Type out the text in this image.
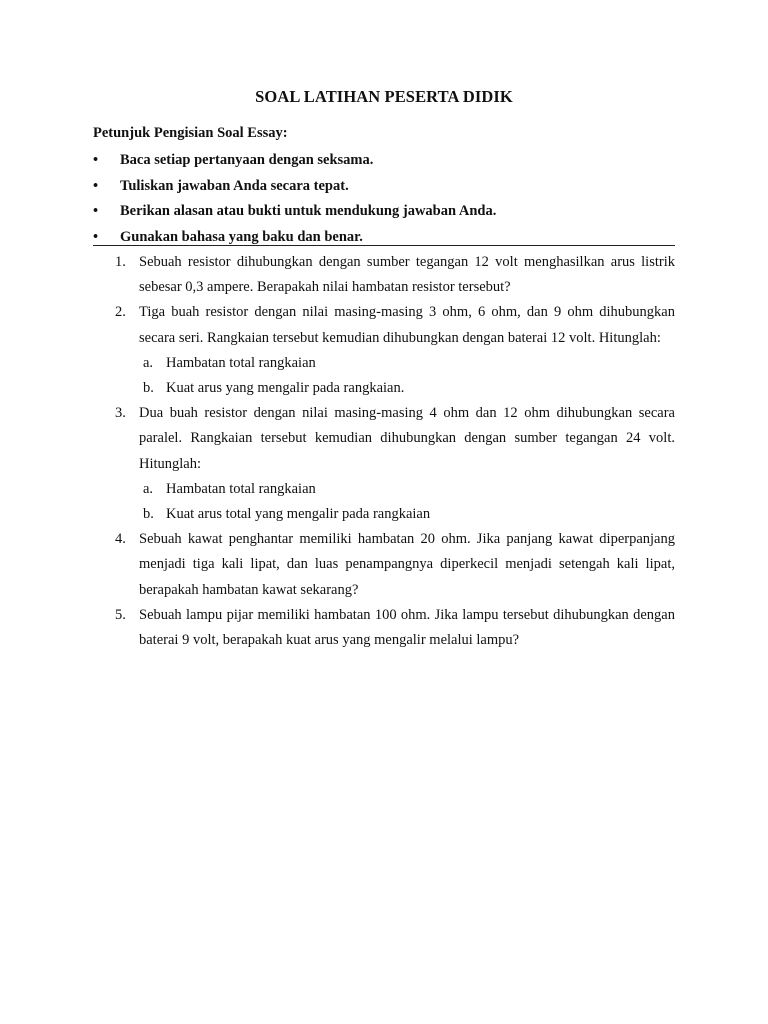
SOAL LATIHAN PESERTA DIDIK
Petunjuk Pengisian Soal Essay:
• Baca setiap pertanyaan dengan seksama.
• Tuliskan jawaban Anda secara tepat.
• Berikan alasan atau bukti untuk mendukung jawaban Anda.
• Gunakan bahasa yang baku dan benar.
1. Sebuah resistor dihubungkan dengan sumber tegangan 12 volt menghasilkan arus listrik sebesar 0,3 ampere. Berapakah nilai hambatan resistor tersebut?
2. Tiga buah resistor dengan nilai masing-masing 3 ohm, 6 ohm, dan 9 ohm dihubungkan secara seri. Rangkaian tersebut kemudian dihubungkan dengan baterai 12 volt. Hitunglah:
a. Hambatan total rangkaian
b. Kuat arus yang mengalir pada rangkaian.
3. Dua buah resistor dengan nilai masing-masing 4 ohm dan 12 ohm dihubungkan secara paralel. Rangkaian tersebut kemudian dihubungkan dengan sumber tegangan 24 volt. Hitunglah:
a. Hambatan total rangkaian
b. Kuat arus total yang mengalir pada rangkaian
4. Sebuah kawat penghantar memiliki hambatan 20 ohm. Jika panjang kawat diperpanjang menjadi tiga kali lipat, dan luas penampangnya diperkecil menjadi setengah kali lipat, berapakah hambatan kawat sekarang?
5. Sebuah lampu pijar memiliki hambatan 100 ohm. Jika lampu tersebut dihubungkan dengan baterai 9 volt, berapakah kuat arus yang mengalir melalui lampu?
